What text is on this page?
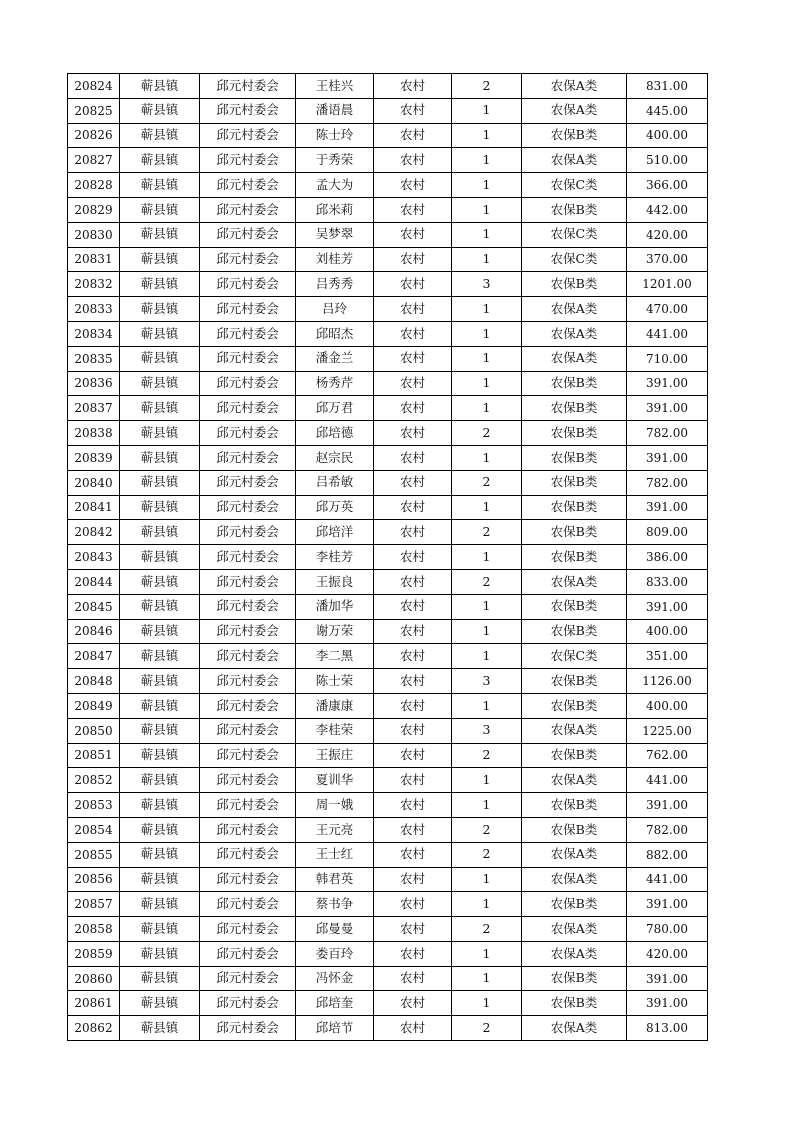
20824	蕲县镇	邱元村委会	王桂兴	农村	2	农保A类	831.00
20825	蕲县镇	邱元村委会	潘语晨	农村	1	农保A类	445.00
20826	蕲县镇	邱元村委会	陈士玲	农村	1	农保B类	400.00
20827	蕲县镇	邱元村委会	于秀荣	农村	1	农保A类	510.00
20828	蕲县镇	邱元村委会	孟大为	农村	1	农保C类	366.00
20829	蕲县镇	邱元村委会	邱米莉	农村	1	农保B类	442.00
20830	蕲县镇	邱元村委会	吴梦翠	农村	1	农保C类	420.00
20831	蕲县镇	邱元村委会	刘桂芳	农村	1	农保C类	370.00
20832	蕲县镇	邱元村委会	吕秀秀	农村	3	农保B类	1201.00
20833	蕲县镇	邱元村委会	吕玲	农村	1	农保A类	470.00
20834	蕲县镇	邱元村委会	邱昭杰	农村	1	农保A类	441.00
20835	蕲县镇	邱元村委会	潘金兰	农村	1	农保A类	710.00
20836	蕲县镇	邱元村委会	杨秀芹	农村	1	农保B类	391.00
20837	蕲县镇	邱元村委会	邱万君	农村	1	农保B类	391.00
20838	蕲县镇	邱元村委会	邱培德	农村	2	农保B类	782.00
20839	蕲县镇	邱元村委会	赵宗民	农村	1	农保B类	391.00
20840	蕲县镇	邱元村委会	吕希敏	农村	2	农保B类	782.00
20841	蕲县镇	邱元村委会	邱万英	农村	1	农保B类	391.00
20842	蕲县镇	邱元村委会	邱培洋	农村	2	农保B类	809.00
20843	蕲县镇	邱元村委会	李桂芳	农村	1	农保B类	386.00
20844	蕲县镇	邱元村委会	王振良	农村	2	农保A类	833.00
20845	蕲县镇	邱元村委会	潘加华	农村	1	农保B类	391.00
20846	蕲县镇	邱元村委会	谢万荣	农村	1	农保B类	400.00
20847	蕲县镇	邱元村委会	李二黑	农村	1	农保C类	351.00
20848	蕲县镇	邱元村委会	陈士荣	农村	3	农保B类	1126.00
20849	蕲县镇	邱元村委会	潘康康	农村	1	农保B类	400.00
20850	蕲县镇	邱元村委会	李桂荣	农村	3	农保A类	1225.00
20851	蕲县镇	邱元村委会	王振庄	农村	2	农保B类	762.00
20852	蕲县镇	邱元村委会	夏训华	农村	1	农保A类	441.00
20853	蕲县镇	邱元村委会	周一娥	农村	1	农保B类	391.00
20854	蕲县镇	邱元村委会	王元亮	农村	2	农保B类	782.00
20855	蕲县镇	邱元村委会	王士红	农村	2	农保A类	882.00
20856	蕲县镇	邱元村委会	韩君英	农村	1	农保A类	441.00
20857	蕲县镇	邱元村委会	蔡书争	农村	1	农保B类	391.00
20858	蕲县镇	邱元村委会	邱曼曼	农村	2	农保A类	780.00
20859	蕲县镇	邱元村委会	娄百玲	农村	1	农保A类	420.00
20860	蕲县镇	邱元村委会	冯怀金	农村	1	农保B类	391.00
20861	蕲县镇	邱元村委会	邱培奎	农村	1	农保B类	391.00
20862	蕲县镇	邱元村委会	邱培节	农村	2	农保A类	813.00
